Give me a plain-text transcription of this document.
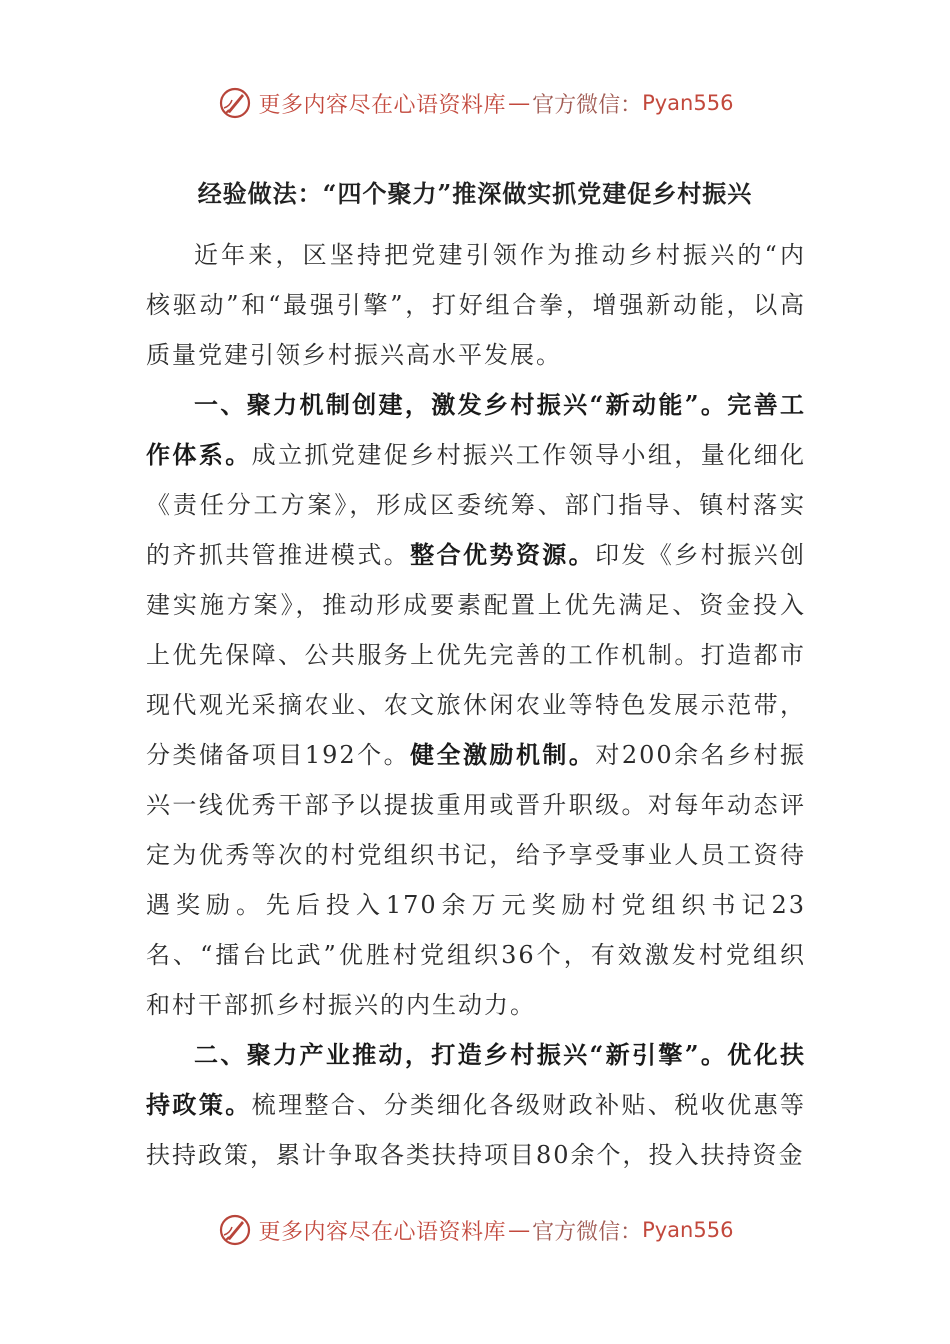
更多内容尽在心语资料库 — 官方微信： Pyan556
经验做法：“四个聚力”推深做实抓党建促乡村振兴

近年来，区坚持把党建引领作为推动乡村振兴的“内核驱动”和“最强引擎”，打好组合拳，增强新动能，以高质量党建引领乡村振兴高水平发展。

一、聚力机制创建，激发乡村振兴“新动能”。完善工作体系。成立抓党建促乡村振兴工作领导小组，量化细化《责任分工方案》，形成区委统筹、部门指导、镇村落实的齐抓共管推进模式。整合优势资源。印发《乡村振兴创建实施方案》，推动形成要素配置上优先满足、资金投入上优先保障、公共服务上优先完善的工作机制。打造都市现代观光采摘农业、农文旅休闲农业等特色发展示范带，分类储备项目192个。健全激励机制。对200余名乡村振兴一线优秀干部予以提拔重用或晋升职级。对每年动态评定为优秀等次的村党组织书记，给予享受事业人员工资待遇奖励。先后投入170余万元奖励村党组织书记23名、“擂台比武”优胜村党组织36个，有效激发村党组织和村干部抓乡村振兴的内生动力。

二、聚力产业推动，打造乡村振兴“新引擎”。优化扶持政策。梳理整合、分类细化各级财政补贴、税收优惠等扶持政策，累计争取各类扶持项目80余个，投入扶持资金

更多内容尽在心语资料库 — 官方微信： Pyan556
